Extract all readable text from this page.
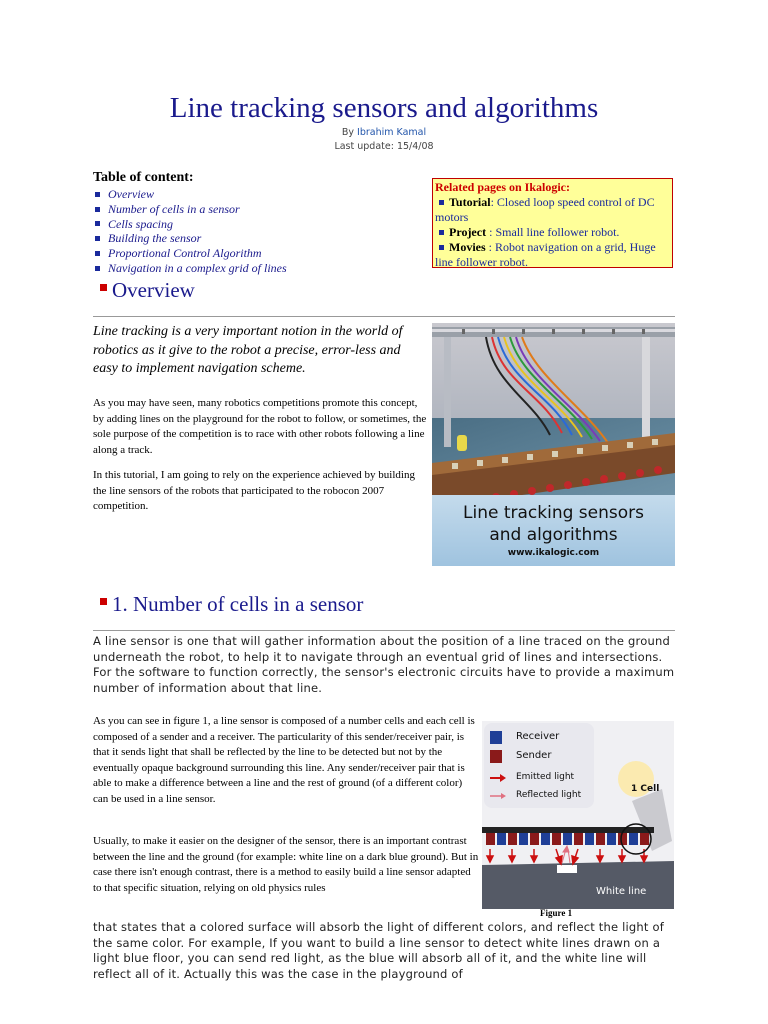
Line tracking sensors and algorithms
By Ibrahim Kamal
Last update: 15/4/08
Table of content:
Overview
Number of cells in a sensor
Cells spacing
Building the sensor
Proportional Control Algorithm
Navigation in a complex grid of lines
Related pages on Ikalogic:
Tutorial: Closed loop speed control of DC motors
Project : Small line follower robot.
Movies : Robot navigation on a grid, Huge line follower robot.
Overview
Line tracking is a very important notion in the world of robotics as it give to the robot a precise, error-less and easy to implement navigation scheme.
As you may have seen, many robotics competitions promote this concept, by adding lines on the playground for the robot to follow, or sometimes, the sole purpose of the competition is to race with other robots following a line along a track.
In this tutorial, I am going to rely on the experience achieved by building the line sensors of the robots that participated to the robocon 2007 competition.	Line tracking sensors
and algorithms
www.ikalogic.com
1. Number of cells in a sensor
A line sensor is one that will gather information about the position of a line traced on the ground underneath the robot, to help it to navigate through an eventual grid of lines and intersections. For the software to function correctly, the sensor's electronic circuits have to provide a maximum number of information about that line.
As you can see in figure 1, a line sensor is composed of a number cells and each cell is composed of a sender and a receiver. The particularity of this sender/receiver pair, is that it sends light that shall be reflected by the line to be detected but not by the eventually opaque background surrounding this line. Any sender/receiver pair that is able to make a difference between a line and the rest of ground (of a different color) can be used in a line sensor.
Usually, to make it easier on the designer of the sensor, there is an important contrast between the line and the ground (for example: white line on a dark blue ground). But in case there isn't enough contrast, there is a method to easily build a line sensor adapted to that specific situation, relying on old physics rules
Receiver
Sender
Emitted light
Reflected light
1 Cell
White line
Figure 1
that states that a colored surface will absorb the light of different colors, and reflect the light of the same color. For example, If you want to build a line sensor to detect white lines drawn on a light blue floor, you can send red light, as the blue will absorb all of it, and the white line will reflect all of it. Actually this was the case in the playground of
